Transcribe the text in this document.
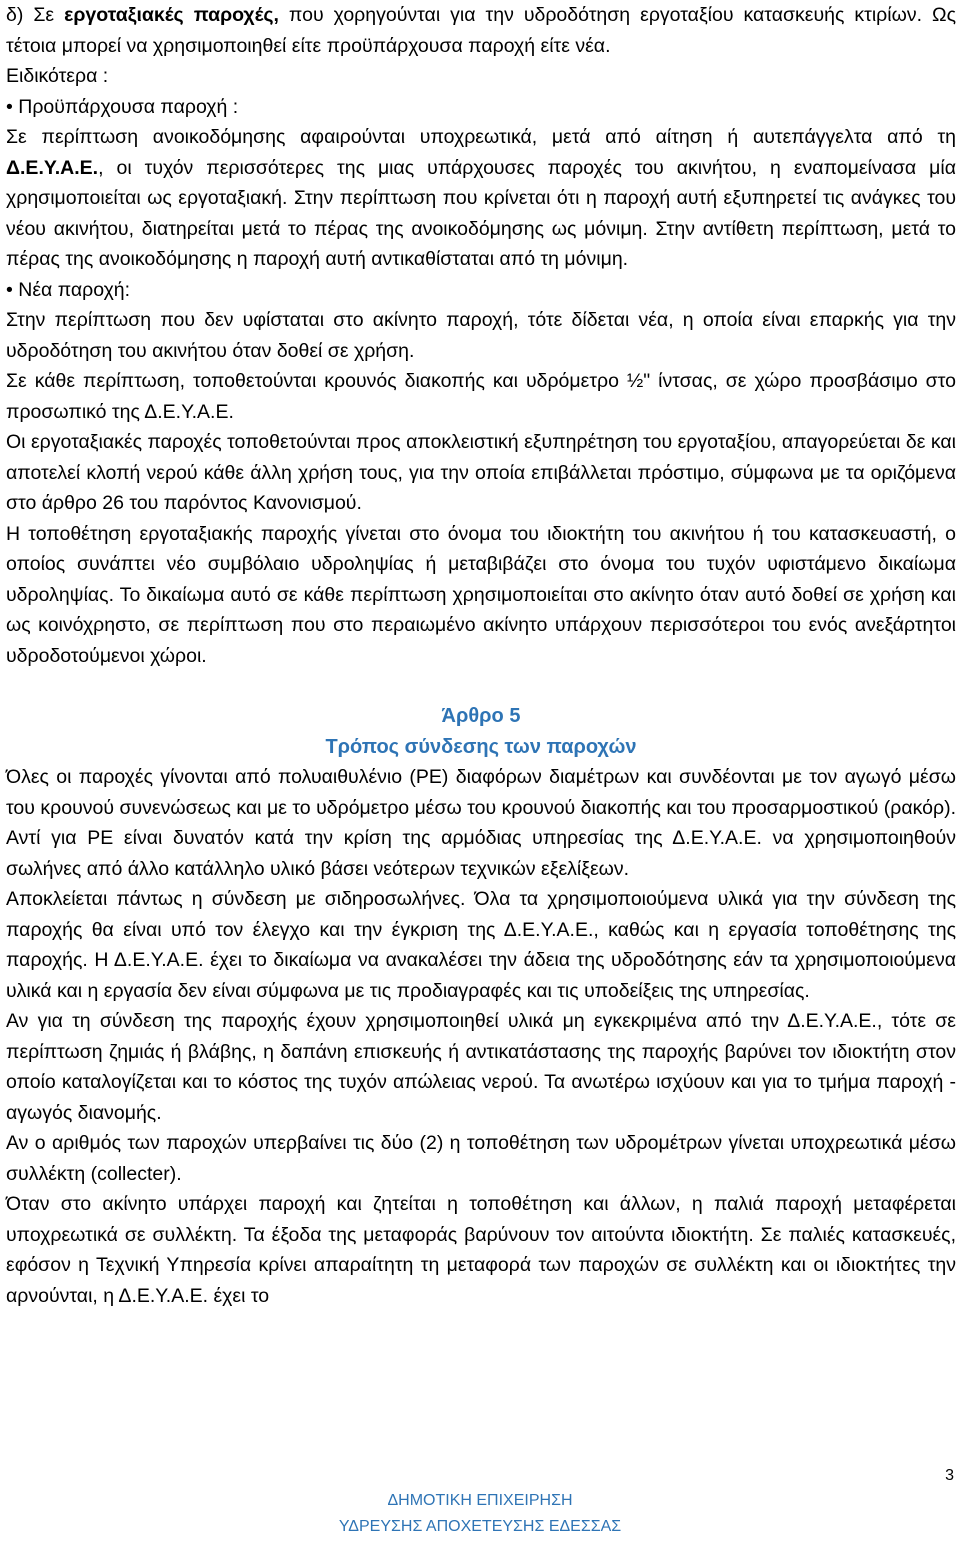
δ) Σε εργοταξιακές παροχές, που χορηγούνται για την υδροδότηση εργοταξίου κατασκευής κτιρίων. Ως τέτοια μπορεί να χρησιμοποιηθεί είτε προϋπάρχουσα παροχή είτε νέα.

Ειδικότερα :

• Προϋπάρχουσα παροχή :

Σε περίπτωση ανοικοδόμησης αφαιρούνται υποχρεωτικά, μετά από αίτηση ή αυτεπάγγελτα από τη Δ.Ε.Υ.Α.Ε., οι τυχόν περισσότερες της μιας υπάρχουσες παροχές του ακινήτου, η εναπομείνασα μία χρησιμοποιείται ως εργοταξιακή. Στην περίπτωση που κρίνεται ότι η παροχή αυτή εξυπηρετεί τις ανάγκες του νέου ακινήτου, διατηρείται μετά το πέρας της ανοικοδόμησης ως μόνιμη. Στην αντίθετη περίπτωση, μετά το πέρας της ανοικοδόμησης η παροχή αυτή αντικαθίσταται από τη μόνιμη.

• Νέα παροχή:

Στην περίπτωση που δεν υφίσταται στο ακίνητο παροχή, τότε δίδεται νέα, η οποία είναι επαρκής για την υδροδότηση του ακινήτου όταν δοθεί σε χρήση.

Σε κάθε περίπτωση, τοποθετούνται κρουνός διακοπής και υδρόμετρο ½" ίντσας, σε χώρο προσβάσιμο στο προσωπικό της Δ.Ε.Υ.Α.Ε.

Οι εργοταξιακές παροχές τοποθετούνται προς αποκλειστική εξυπηρέτηση του εργοταξίου, απαγορεύεται δε και αποτελεί κλοπή νερού κάθε άλλη χρήση τους, για την οποία επιβάλλεται πρόστιμο, σύμφωνα με τα οριζόμενα στο άρθρο 26 του παρόντος Κανονισμού.

Η τοποθέτηση εργοταξιακής παροχής γίνεται στο όνομα του ιδιοκτήτη του ακινήτου ή του κατασκευαστή, ο οποίος συνάπτει νέο συμβόλαιο υδροληψίας ή μεταβιβάζει στο όνομα του τυχόν υφιστάμενο δικαίωμα υδροληψίας. Το δικαίωμα αυτό σε κάθε περίπτωση χρησιμοποιείται στο ακίνητο όταν αυτό δοθεί σε χρήση και ως κοινόχρηστο, σε περίπτωση που στο περαιωμένο ακίνητο υπάρχουν περισσότεροι του ενός ανεξάρτητοι υδροδοτούμενοι χώροι.

Άρθρο 5

Τρόπος σύνδεσης των παροχών

Όλες οι παροχές γίνονται από πολυαιθυλένιο (PE) διαφόρων διαμέτρων και συνδέονται με τον αγωγό μέσω του κρουνού συνενώσεως και με το υδρόμετρο μέσω του κρουνού διακοπής και του προσαρμοστικού (ρακόρ). Αντί για PE είναι δυνατόν κατά την κρίση της αρμόδιας υπηρεσίας της Δ.Ε.Υ.Α.Ε. να χρησιμοποιηθούν σωλήνες από άλλο κατάλληλο υλικό βάσει νεότερων τεχνικών εξελίξεων.

Αποκλείεται πάντως η σύνδεση με σιδηροσωλήνες. Όλα τα χρησιμοποιούμενα υλικά για την σύνδεση της παροχής θα είναι υπό τον έλεγχο και την έγκριση της Δ.Ε.Υ.Α.Ε., καθώς και η εργασία τοποθέτησης της παροχής. Η Δ.Ε.Υ.Α.Ε. έχει το δικαίωμα να ανακαλέσει την άδεια της υδροδότησης εάν τα χρησιμοποιούμενα υλικά και η εργασία δεν είναι σύμφωνα με τις προδιαγραφές και τις υποδείξεις της υπηρεσίας.

Αν για τη σύνδεση της παροχής έχουν χρησιμοποιηθεί υλικά μη εγκεκριμένα από την Δ.Ε.Υ.Α.Ε., τότε σε περίπτωση ζημιάς ή βλάβης, η δαπάνη επισκευής ή αντικατάστασης της παροχής βαρύνει τον ιδιοκτήτη στον οποίο καταλογίζεται και το κόστος της τυχόν απώλειας νερού. Τα ανωτέρω ισχύουν και για το τμήμα παροχή - αγωγός διανομής.

Αν ο αριθμός των παροχών υπερβαίνει τις δύο (2) η τοποθέτηση των υδρομέτρων γίνεται υποχρεωτικά μέσω συλλέκτη (collecter).

Όταν στο ακίνητο υπάρχει παροχή και ζητείται η τοποθέτηση και άλλων, η παλιά παροχή μεταφέρεται υποχρεωτικά σε συλλέκτη. Τα έξοδα της μεταφοράς βαρύνουν τον αιτούντα ιδιοκτήτη. Σε παλιές κατασκευές, εφόσον η Τεχνική Υπηρεσία κρίνει απαραίτητη τη μεταφορά των παροχών σε συλλέκτη και οι ιδιοκτήτες την αρνούνται, η Δ.Ε.Υ.Α.Ε. έχει το

3
ΔΗΜΟΤΙΚΗ ΕΠΙΧΕΙΡΗΣΗ
ΥΔΡΕΥΣΗΣ ΑΠΟΧΕΤΕΥΣΗΣ ΕΔΕΣΣΑΣ
